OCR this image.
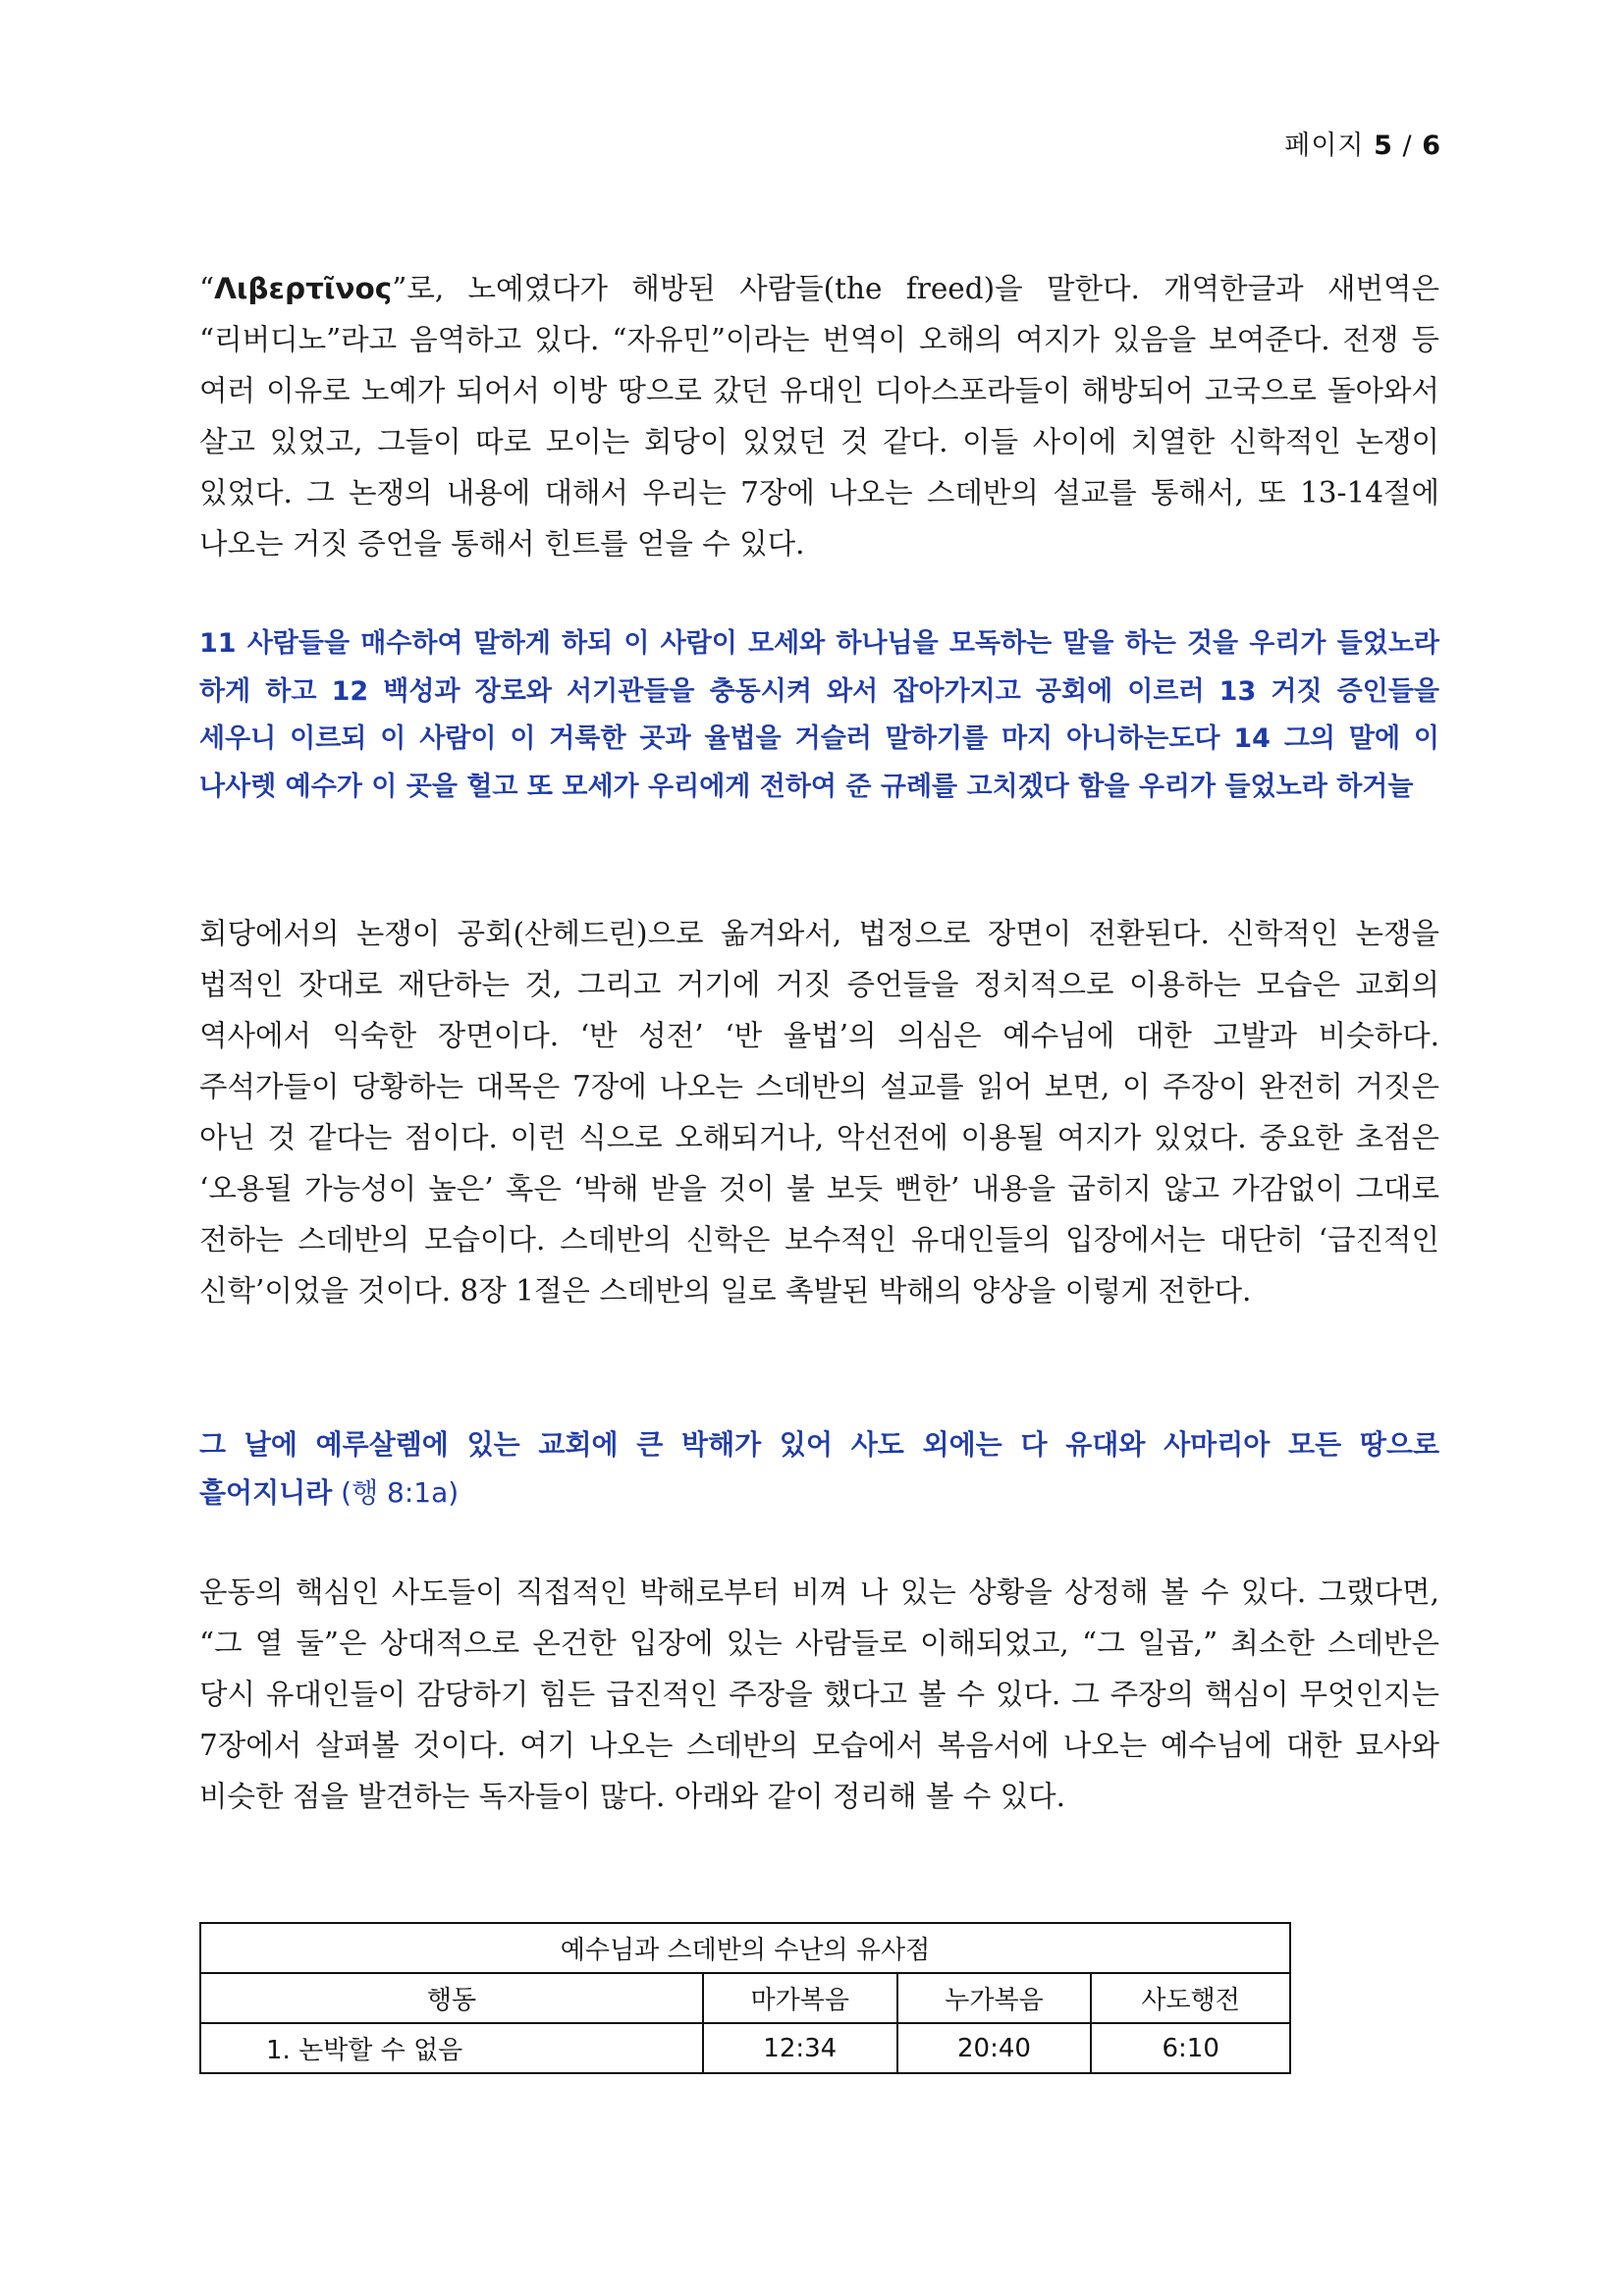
페이지 5 / 6

“Λιβερτῖνος”로, 노예였다가 해방된 사람들(the freed)을 말한다. 개역한글과 새번역은 “리버디노”라고 음역하고 있다. “자유민”이라는 번역이 오해의 여지가 있음을 보여준다. 전쟁 등 여러 이유로 노예가 되어서 이방 땅으로 갔던 유대인 디아스포라들이 해방되어 고국으로 돌아와서 살고 있었고, 그들이 따로 모이는 회당이 있었던 것 같다. 이들 사이에 치열한 신학적인 논쟁이 있었다. 그 논쟁의 내용에 대해서 우리는 7장에 나오는 스데반의 설교를 통해서, 또 13-14절에 나오는 거짓 증언을 통해서 힌트를 얻을 수 있다.

11 사람들을 매수하여 말하게 하되 이 사람이 모세와 하나님을 모독하는 말을 하는 것을 우리가 들었노라 하게 하고 12 백성과 장로와 서기관들을 충동시켜 와서 잡아가지고 공회에 이르러 13 거짓 증인들을 세우니 이르되 이 사람이 이 거룩한 곳과 율법을 거슬러 말하기를 마지 아니하는도다 14 그의 말에 이 나사렛 예수가 이 곳을 헐고 또 모세가 우리에게 전하여 준 규례를 고치겠다 함을 우리가 들었노라 하거늘

회당에서의 논쟁이 공회(산헤드린)으로 옮겨와서, 법정으로 장면이 전환된다. 신학적인 논쟁을 법적인 잣대로 재단하는 것, 그리고 거기에 거짓 증언들을 정치적으로 이용하는 모습은 교회의 역사에서 익숙한 장면이다. ‘반 성전’ ‘반 율법’의 의심은 예수님에 대한 고발과 비슷하다. 주석가들이 당황하는 대목은 7장에 나오는 스데반의 설교를 읽어 보면, 이 주장이 완전히 거짓은 아닌 것 같다는 점이다. 이런 식으로 오해되거나, 악선전에 이용될 여지가 있었다. 중요한 초점은 ‘오용될 가능성이 높은’ 혹은 ‘박해 받을 것이 불 보듯 뻔한’ 내용을 굽히지 않고 가감없이 그대로 전하는 스데반의 모습이다. 스데반의 신학은 보수적인 유대인들의 입장에서는 대단히 ‘급진적인 신학’이었을 것이다. 8장 1절은 스데반의 일로 촉발된 박해의 양상을 이렇게 전한다.

그 날에 예루살렘에 있는 교회에 큰 박해가 있어 사도 외에는 다 유대와 사마리아 모든 땅으로 흩어지니라 (행 8:1a)

운동의 핵심인 사도들이 직접적인 박해로부터 비껴 나 있는 상황을 상정해 볼 수 있다. 그랬다면, “그 열 둘”은 상대적으로 온건한 입장에 있는 사람들로 이해되었고, “그 일곱,” 최소한 스데반은 당시 유대인들이 감당하기 힘든 급진적인 주장을 했다고 볼 수 있다. 그 주장의 핵심이 무엇인지는 7장에서 살펴볼 것이다. 여기 나오는 스데반의 모습에서 복음서에 나오는 예수님에 대한 묘사와 비슷한 점을 발견하는 독자들이 많다. 아래와 같이 정리해 볼 수 있다.

예수님과 스데반의 수난의 유사점			
행동	마가복음	누가복음	사도행전
1. 논박할 수 없음	12:34	20:40	6:10
